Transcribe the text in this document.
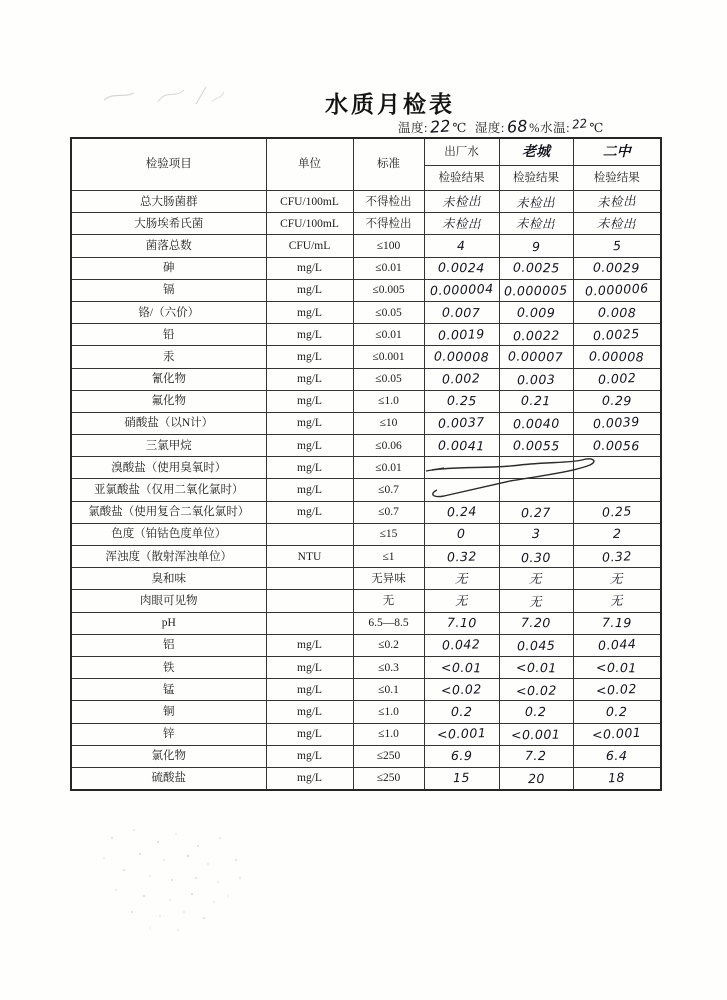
水质月检表
温度:22℃ 湿度:68%水温:22℃
检验项目	单位	标准	出厂水	老城	二中
			检验结果	检验结果	检验结果
总大肠菌群	CFU/100mL	不得检出	未检出	未检出	未检出
大肠埃希氏菌	CFU/100mL	不得检出	未检出	未检出	未检出
菌落总数	CFU/mL	≤100	4	9	5
砷	mg/L	≤0.01	0.0024	0.0025	0.0029
镉	mg/L	≤0.005	0.000004	0.000005	0.000006
铬/（六价）	mg/L	≤0.05	0.007	0.009	0.008
铅	mg/L	≤0.01	0.0019	0.0022	0.0025
汞	mg/L	≤0.001	0.00008	0.00007	0.00008
氰化物	mg/L	≤0.05	0.002	0.003	0.002
氟化物	mg/L	≤1.0	0.25	0.21	0.29
硝酸盐（以N计）	mg/L	≤10	0.0037	0.0040	0.0039
三氯甲烷	mg/L	≤0.06	0.0041	0.0055	0.0056
溴酸盐（使用臭氧时）	mg/L	≤0.01			
亚氯酸盐（仅用二氧化氯时）	mg/L	≤0.7			
氯酸盐（使用复合二氧化氯时）	mg/L	≤0.7	0.24	0.27	0.25
色度（铂钴色度单位）		≤15	0	3	2
浑浊度（散射浑浊单位）	NTU	≤1	0.32	0.30	0.32
臭和味		无异味	无	无	无
肉眼可见物		无	无	无	无
pH		6.5—8.5	7.10	7.20	7.19
铝	mg/L	≤0.2	0.042	0.045	0.044
铁	mg/L	≤0.3	<0.01	<0.01	<0.01
锰	mg/L	≤0.1	<0.02	<0.02	<0.02
铜	mg/L	≤1.0	0.2	0.2	0.2
锌	mg/L	≤1.0	<0.001	<0.001	<0.001
氯化物	mg/L	≤250	6.9	7.2	6.4
硫酸盐	mg/L	≤250	15	20	18
